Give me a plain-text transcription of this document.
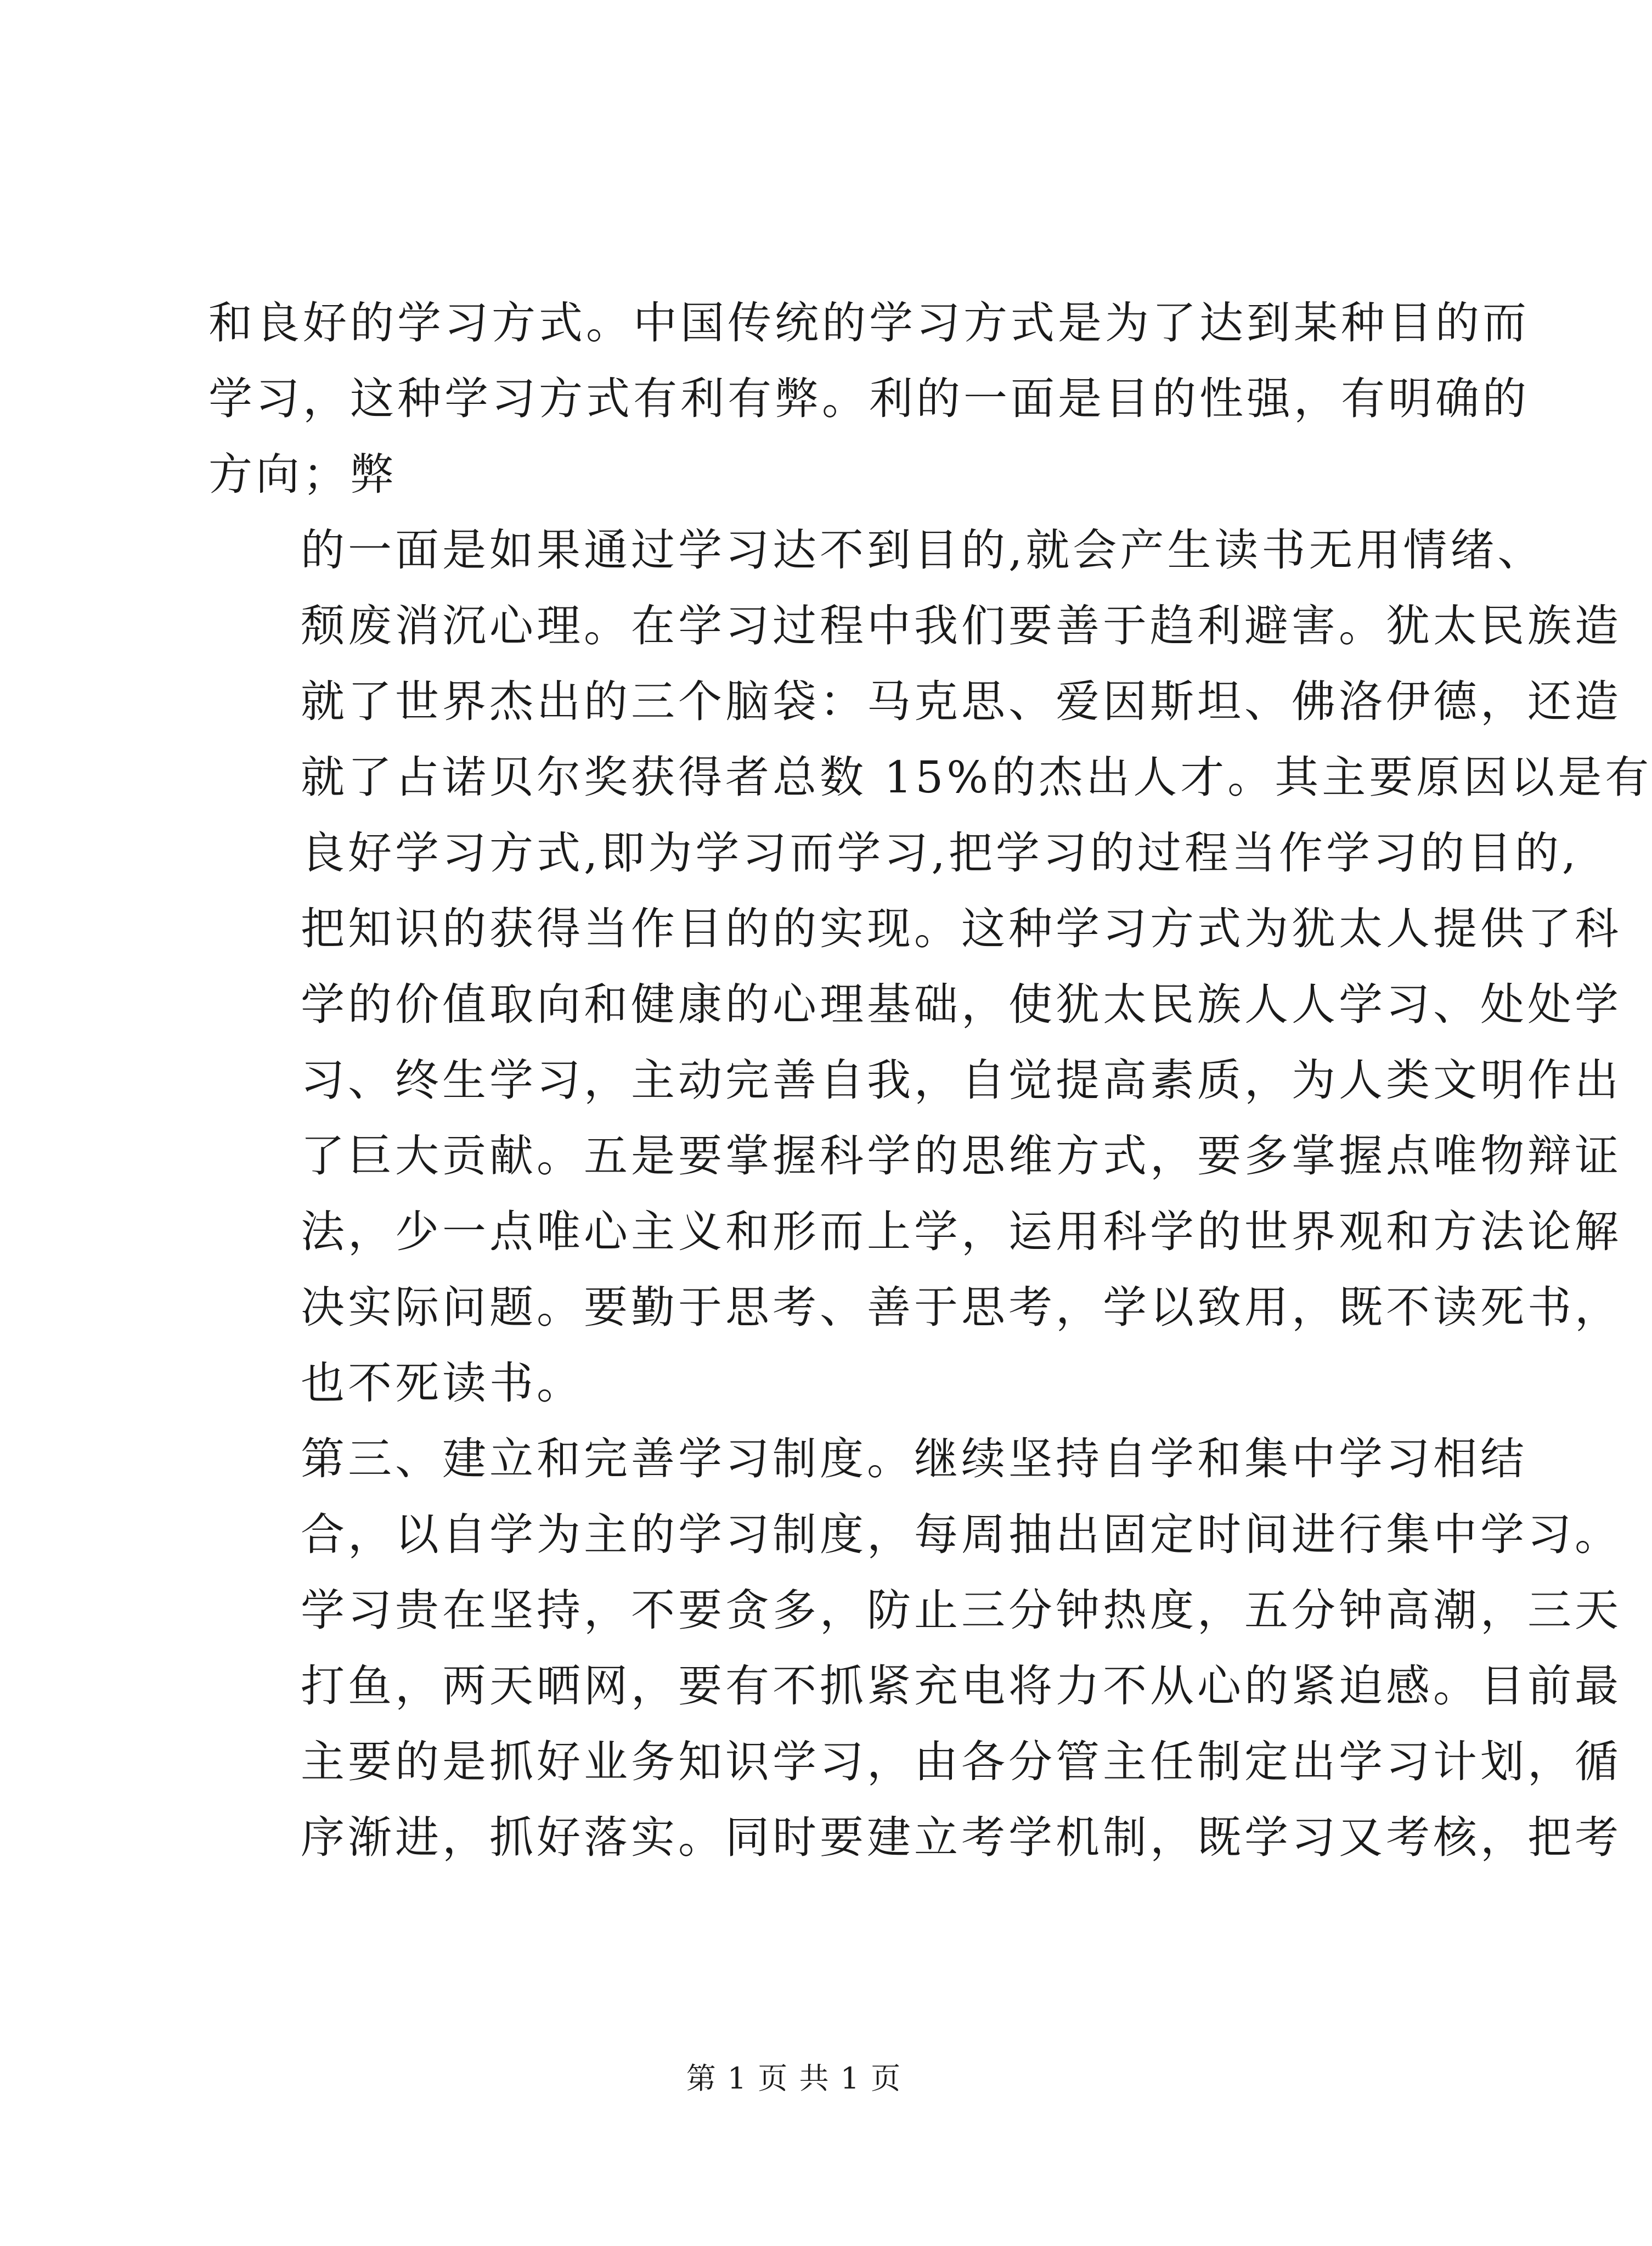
和良好的学习方式。中国传统的学习方式是为了达到某种目的而
学习，这种学习方式有利有弊。利的一面是目的性强，有明确的
方向；弊
的一面是如果通过学习达不到目的,就会产生读书无用情绪、
颓废消沉心理。在学习过程中我们要善于趋利避害。犹太民族造
就了世界杰出的三个脑袋：马克思、爱因斯坦、佛洛伊德，还造
就了占诺贝尔奖获得者总数 15%的杰出人才。其主要原因以是有
良好学习方式,即为学习而学习,把学习的过程当作学习的目的,
把知识的获得当作目的的实现。这种学习方式为犹太人提供了科
学的价值取向和健康的心理基础，使犹太民族人人学习、处处学
习、终生学习，主动完善自我，自觉提高素质，为人类文明作出
了巨大贡献。五是要掌握科学的思维方式，要多掌握点唯物辩证
法，少一点唯心主义和形而上学，运用科学的世界观和方法论解
决实际问题。要勤于思考、善于思考，学以致用，既不读死书，
也不死读书。
第三、建立和完善学习制度。继续坚持自学和集中学习相结
合，以自学为主的学习制度，每周抽出固定时间进行集中学习。
学习贵在坚持，不要贪多，防止三分钟热度，五分钟高潮，三天
打鱼，两天晒网，要有不抓紧充电将力不从心的紧迫感。目前最
主要的是抓好业务知识学习，由各分管主任制定出学习计划，循
序渐进，抓好落实。同时要建立考学机制，既学习又考核，把考
第 1 页 共 1 页
